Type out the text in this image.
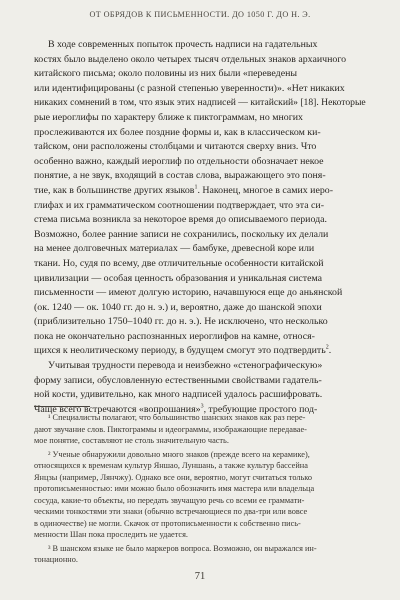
ОТ ОБРЯДОВ К ПИСЬМЕННОСТИ. ДО 1050 Г. ДО Н. Э.

В ходе современных попыток прочесть надписи на гадательных

костях было выделено около четырех тысяч отдельных знаков архаичного

китайского письма; около половины из них были «переведены

или идентифицированы (с разной степенью уверенности)». «Нет никаких

никаких сомнений в том, что язык этих надписей — китайский» [18]. Некоторые

рые иероглифы по характеру ближе к пиктограммам, но многих

прослеживаются их более поздние формы и, как в классическом ки-

тайском, они расположены столбцами и читаются сверху вниз. Что

особенно важно, каждый иероглиф по отдельности обозначает некое

понятие, а не звук, входящий в состав слова, выражающего это поня-

тие, как в большинстве других языков$^1$. Наконец, многое в самих иеро-

глифах и их грамматическом соотношении подтверждает, что эта си-

стема письма возникла за некоторое время до описываемого периода.

Возможно, более ранние записи не сохранились, поскольку их делали

на менее долговечных материалах — бамбуке, древесной коре или

ткани. Но, судя по всему, две отличительные особенности китайской

цивилизации — особая ценность образования и уникальная система

письменности — имеют долгую историю, начавшуюся еще до аньянской

(ок. 1240 — ок. 1040 гг. до н. э.) и, вероятно, даже до шанской эпохи

(приблизительно 1750–1040 гг. до н. э.). Не исключено, что несколько

пока не окончательно распознанных иероглифов на камне, относя-

щихся к неолитическому периоду, в будущем смогут это подтвердить$^2$.

Учитывая трудности перевода и неизбежно «стенографическую»

форму записи, обусловленную естественными свойствами гадатель-

ной кости, удивительно, как много надписей удалось расшифровать.

Чаще всего встречаются «вопрошания»$^3$, требующие простого под-

¹ Специалисты полагают, что большинство шанских знаков как раз пере-

дают звучание слов. Пиктограммы и идеограммы, изображающие передавае-

мое понятие, составляют не столь значительную часть.

² Ученые обнаружили довольно много знаков (прежде всего на керамике),

относящихся к временам культур Яншао, Луншань, а также культур бассейна

Янцзы (например, Лянчжу). Однако все они, вероятно, могут считаться только

протописьменностью: ими можно было обозначить имя мастера или владельца

сосуда, какие-то объекты, но передать звучащую речь со всеми ее граммати-

ческими тонкостями эти знаки (обычно встречающиеся по два-три или вовсе

в одиночестве) не могли. Скачок от протописьменности к собственно пись-

менности Шан пока проследить не удается.

³ В шанском языке не было маркеров вопроса. Возможно, он выражался ин-

тонационно.

71
